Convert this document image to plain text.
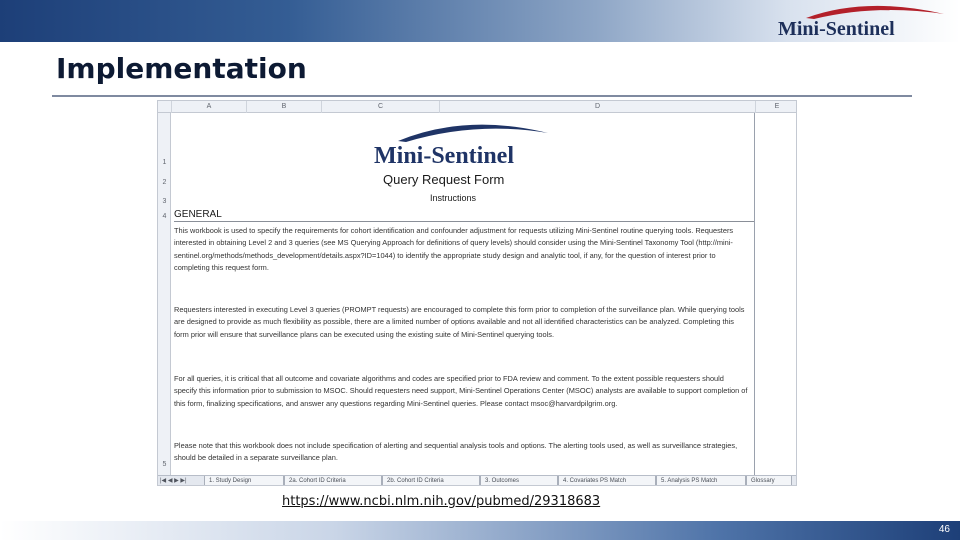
Mini-Sentinel
Implementation
A	B	C	D	E
1
2
3
4
5
Mini-Sentinel
Query Request Form
Instructions
GENERAL
This workbook is used to specify the requirements for cohort identification and confounder adjustment for requests utilizing Mini-Sentinel routine querying tools. Requesters interested in obtaining Level 2 and 3 queries (see MS Querying Approach for definitions of query levels) should consider using the Mini-Sentinel Taxonomy Tool (http://mini-sentinel.org/methods/methods_development/details.aspx?ID=1044) to identify the appropriate study design and analytic tool, if any, for the question of interest prior to completing this request form.
Requesters interested in executing Level 3 queries (PROMPT requests) are encouraged to complete this form prior to completion of the surveillance plan. While querying tools are designed to provide as much flexibility as possible, there are a limited number of options available and not all identified characteristics can be analyzed. Completing this form prior will ensure that surveillance plans can be executed using the existing suite of Mini-Sentinel querying tools.
For all queries, it is critical that all outcome and covariate algorithms and codes are specified prior to FDA review and comment. To the extent possible requesters should specify this information prior to submission to MSOC. Should requesters need support, Mini-Sentinel Operations Center (MSOC) analysts are available to support completion of this form, finalizing specifications, and answer any questions regarding Mini-Sentinel queries. Please contact msoc@harvardpilgrim.org.
Please note that this workbook does not include specification of alerting and sequential analysis tools and options. The alerting tools used, as well as surveillance strategies, should be detailed in a separate surveillance plan.
|◀ ◀ ▶ ▶|	1. Study Design	2a. Cohort ID Criteria	2b. Cohort ID Criteria	3. Outcomes	4. Covariates PS Match	5. Analysis PS Match	Glossary
https://www.ncbi.nlm.nih.gov/pubmed/29318683
46
